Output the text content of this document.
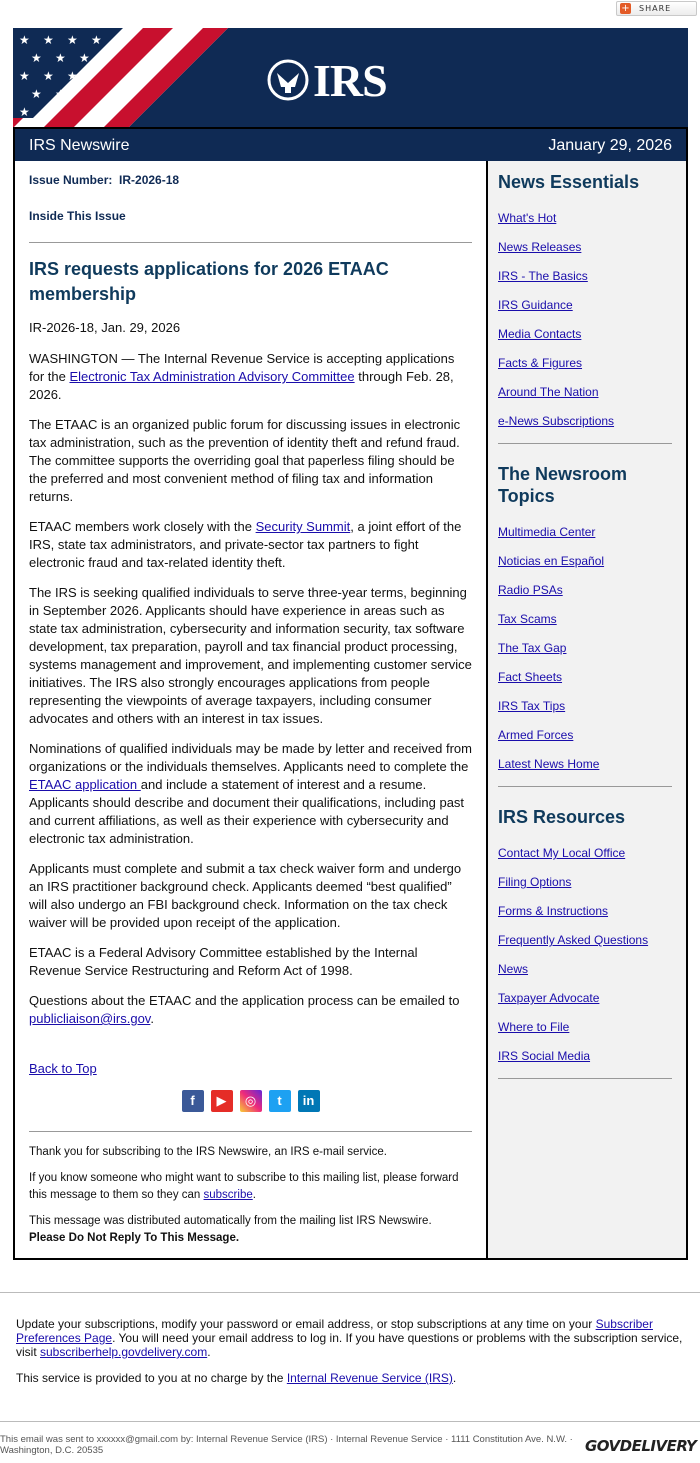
+ SHARE
★ ★ ★ ★
★ ★ ★
★ ★ ★
★ ★
★
IRS
IRS Newswire	January 29, 2026
Issue Number: IR-2026-18
Inside This Issue
IRS requests applications for 2026 ETAAC membership
IR-2026-18, Jan. 29, 2026

WASHINGTON — The Internal Revenue Service is accepting applications for the Electronic Tax Administration Advisory Committee through Feb. 28, 2026.

The ETAAC is an organized public forum for discussing issues in electronic tax administration, such as the prevention of identity theft and refund fraud. The committee supports the overriding goal that paperless filing should be the preferred and most convenient method of filing tax and information returns.

ETAAC members work closely with the Security Summit, a joint effort of the IRS, state tax administrators, and private-sector tax partners to fight electronic fraud and tax-related identity theft.

The IRS is seeking qualified individuals to serve three-year terms, beginning in September 2026. Applicants should have experience in areas such as state tax administration, cybersecurity and information security, tax software development, tax preparation, payroll and tax financial product processing, systems management and improvement, and implementing customer service initiatives. The IRS also strongly encourages applications from people representing the viewpoints of average taxpayers, including consumer advocates and others with an interest in tax issues.

Nominations of qualified individuals may be made by letter and received from organizations or the individuals themselves. Applicants need to complete the ETAAC application and include a statement of interest and a resume. Applicants should describe and document their qualifications, including past and current affiliations, as well as their experience with cybersecurity and electronic tax administration.

Applicants must complete and submit a tax check waiver form and undergo an IRS practitioner background check. Applicants deemed “best qualified” will also undergo an FBI background check. Information on the tax check waiver will be provided upon receipt of the application.

ETAAC is a Federal Advisory Committee established by the Internal Revenue Service Restructuring and Reform Act of 1998.

Questions about the ETAAC and the application process can be emailed to publicliaison@irs.gov.

Back to Top
f	▶	◎	t	in

Thank you for subscribing to the IRS Newswire, an IRS e-mail service.

If you know someone who might want to subscribe to this mailing list, please forward this message to them so they can subscribe.

This message was distributed automatically from the mailing list IRS Newswire.
Please Do Not Reply To This Message.

News Essentials
What's Hot
News Releases
IRS - The Basics
IRS Guidance
Media Contacts
Facts & Figures
Around The Nation
e-News Subscriptions
The Newsroom Topics
Multimedia Center
Noticias en Español
Radio PSAs
Tax Scams
The Tax Gap
Fact Sheets
IRS Tax Tips
Armed Forces
Latest News Home
IRS Resources
Contact My Local Office
Filing Options
Forms & Instructions
Frequently Asked Questions
News
Taxpayer Advocate
Where to File
IRS Social Media

Update your subscriptions, modify your password or email address, or stop subscriptions at any time on your Subscriber Preferences Page. You will need your email address to log in. If you have questions or problems with the subscription service, visit subscriberhelp.govdelivery.com.

This service is provided to you at no charge by the Internal Revenue Service (IRS).

This email was sent to xxxxxx@gmail.com by: Internal Revenue Service (IRS) · Internal Revenue Service · 1111 Constitution Ave. N.W. · Washington, D.C. 20535	GOVDELIVERY
